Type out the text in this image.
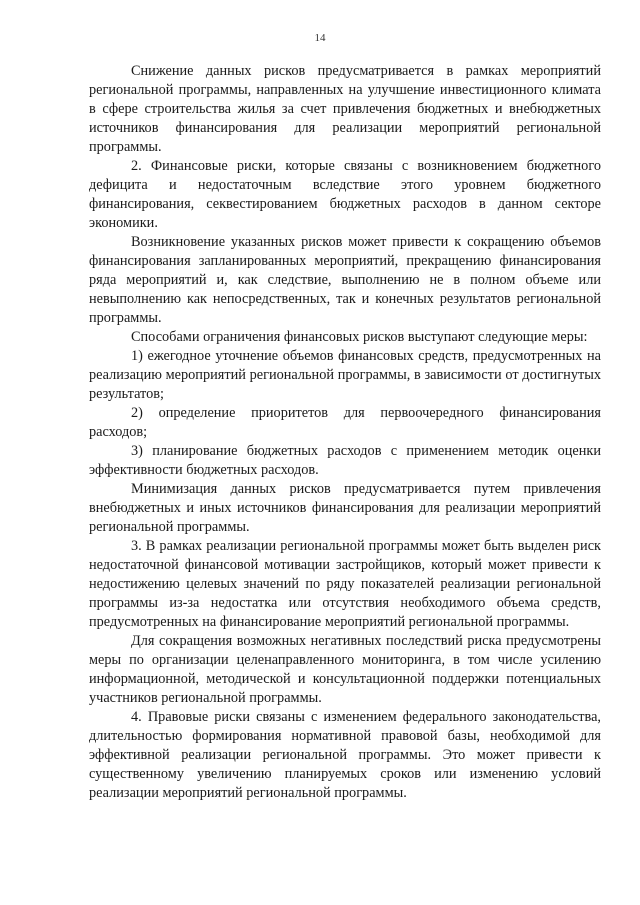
14

Снижение данных рисков предусматривается в рамках мероприятий региональной программы, направленных на улучшение инвестиционного климата в сфере строительства жилья за счет привлечения бюджетных и внебюджетных источников финансирования для реализации мероприятий региональной программы.

2. Финансовые риски, которые связаны с возникновением бюджетного дефицита и недостаточным вследствие этого уровнем бюджетного финансирования, секвестированием бюджетных расходов в данном секторе экономики.

Возникновение указанных рисков может привести к сокращению объемов финансирования запланированных мероприятий, прекращению финансирования ряда мероприятий и, как следствие, выполнению не в полном объеме или невыполнению как непосредственных, так и конечных результатов региональной программы.

Способами ограничения финансовых рисков выступают следующие меры:

1) ежегодное уточнение объемов финансовых средств, предусмотренных на реализацию мероприятий региональной программы, в зависимости от достигнутых результатов;

2) определение приоритетов для первоочередного финансирования расходов;

3) планирование бюджетных расходов с применением методик оценки эффективности бюджетных расходов.

Минимизация данных рисков предусматривается путем привлечения внебюджетных и иных источников финансирования для реализации мероприятий региональной программы.

3. В рамках реализации региональной программы может быть выделен риск недостаточной финансовой мотивации застройщиков, который может привести к недостижению целевых значений по ряду показателей реализации региональной программы из-за недостатка или отсутствия необходимого объема средств, предусмотренных на финансирование мероприятий региональной программы.

Для сокращения возможных негативных последствий риска предусмотрены меры по организации целенаправленного мониторинга, в том числе усилению информационной, методической и консультационной поддержки потенциальных участников региональной программы.

4. Правовые риски связаны с изменением федерального законодательства, длительностью формирования нормативной правовой базы, необходимой для эффективной реализации региональной программы. Это может привести к существенному увеличению планируемых сроков или изменению условий реализации мероприятий региональной программы.
